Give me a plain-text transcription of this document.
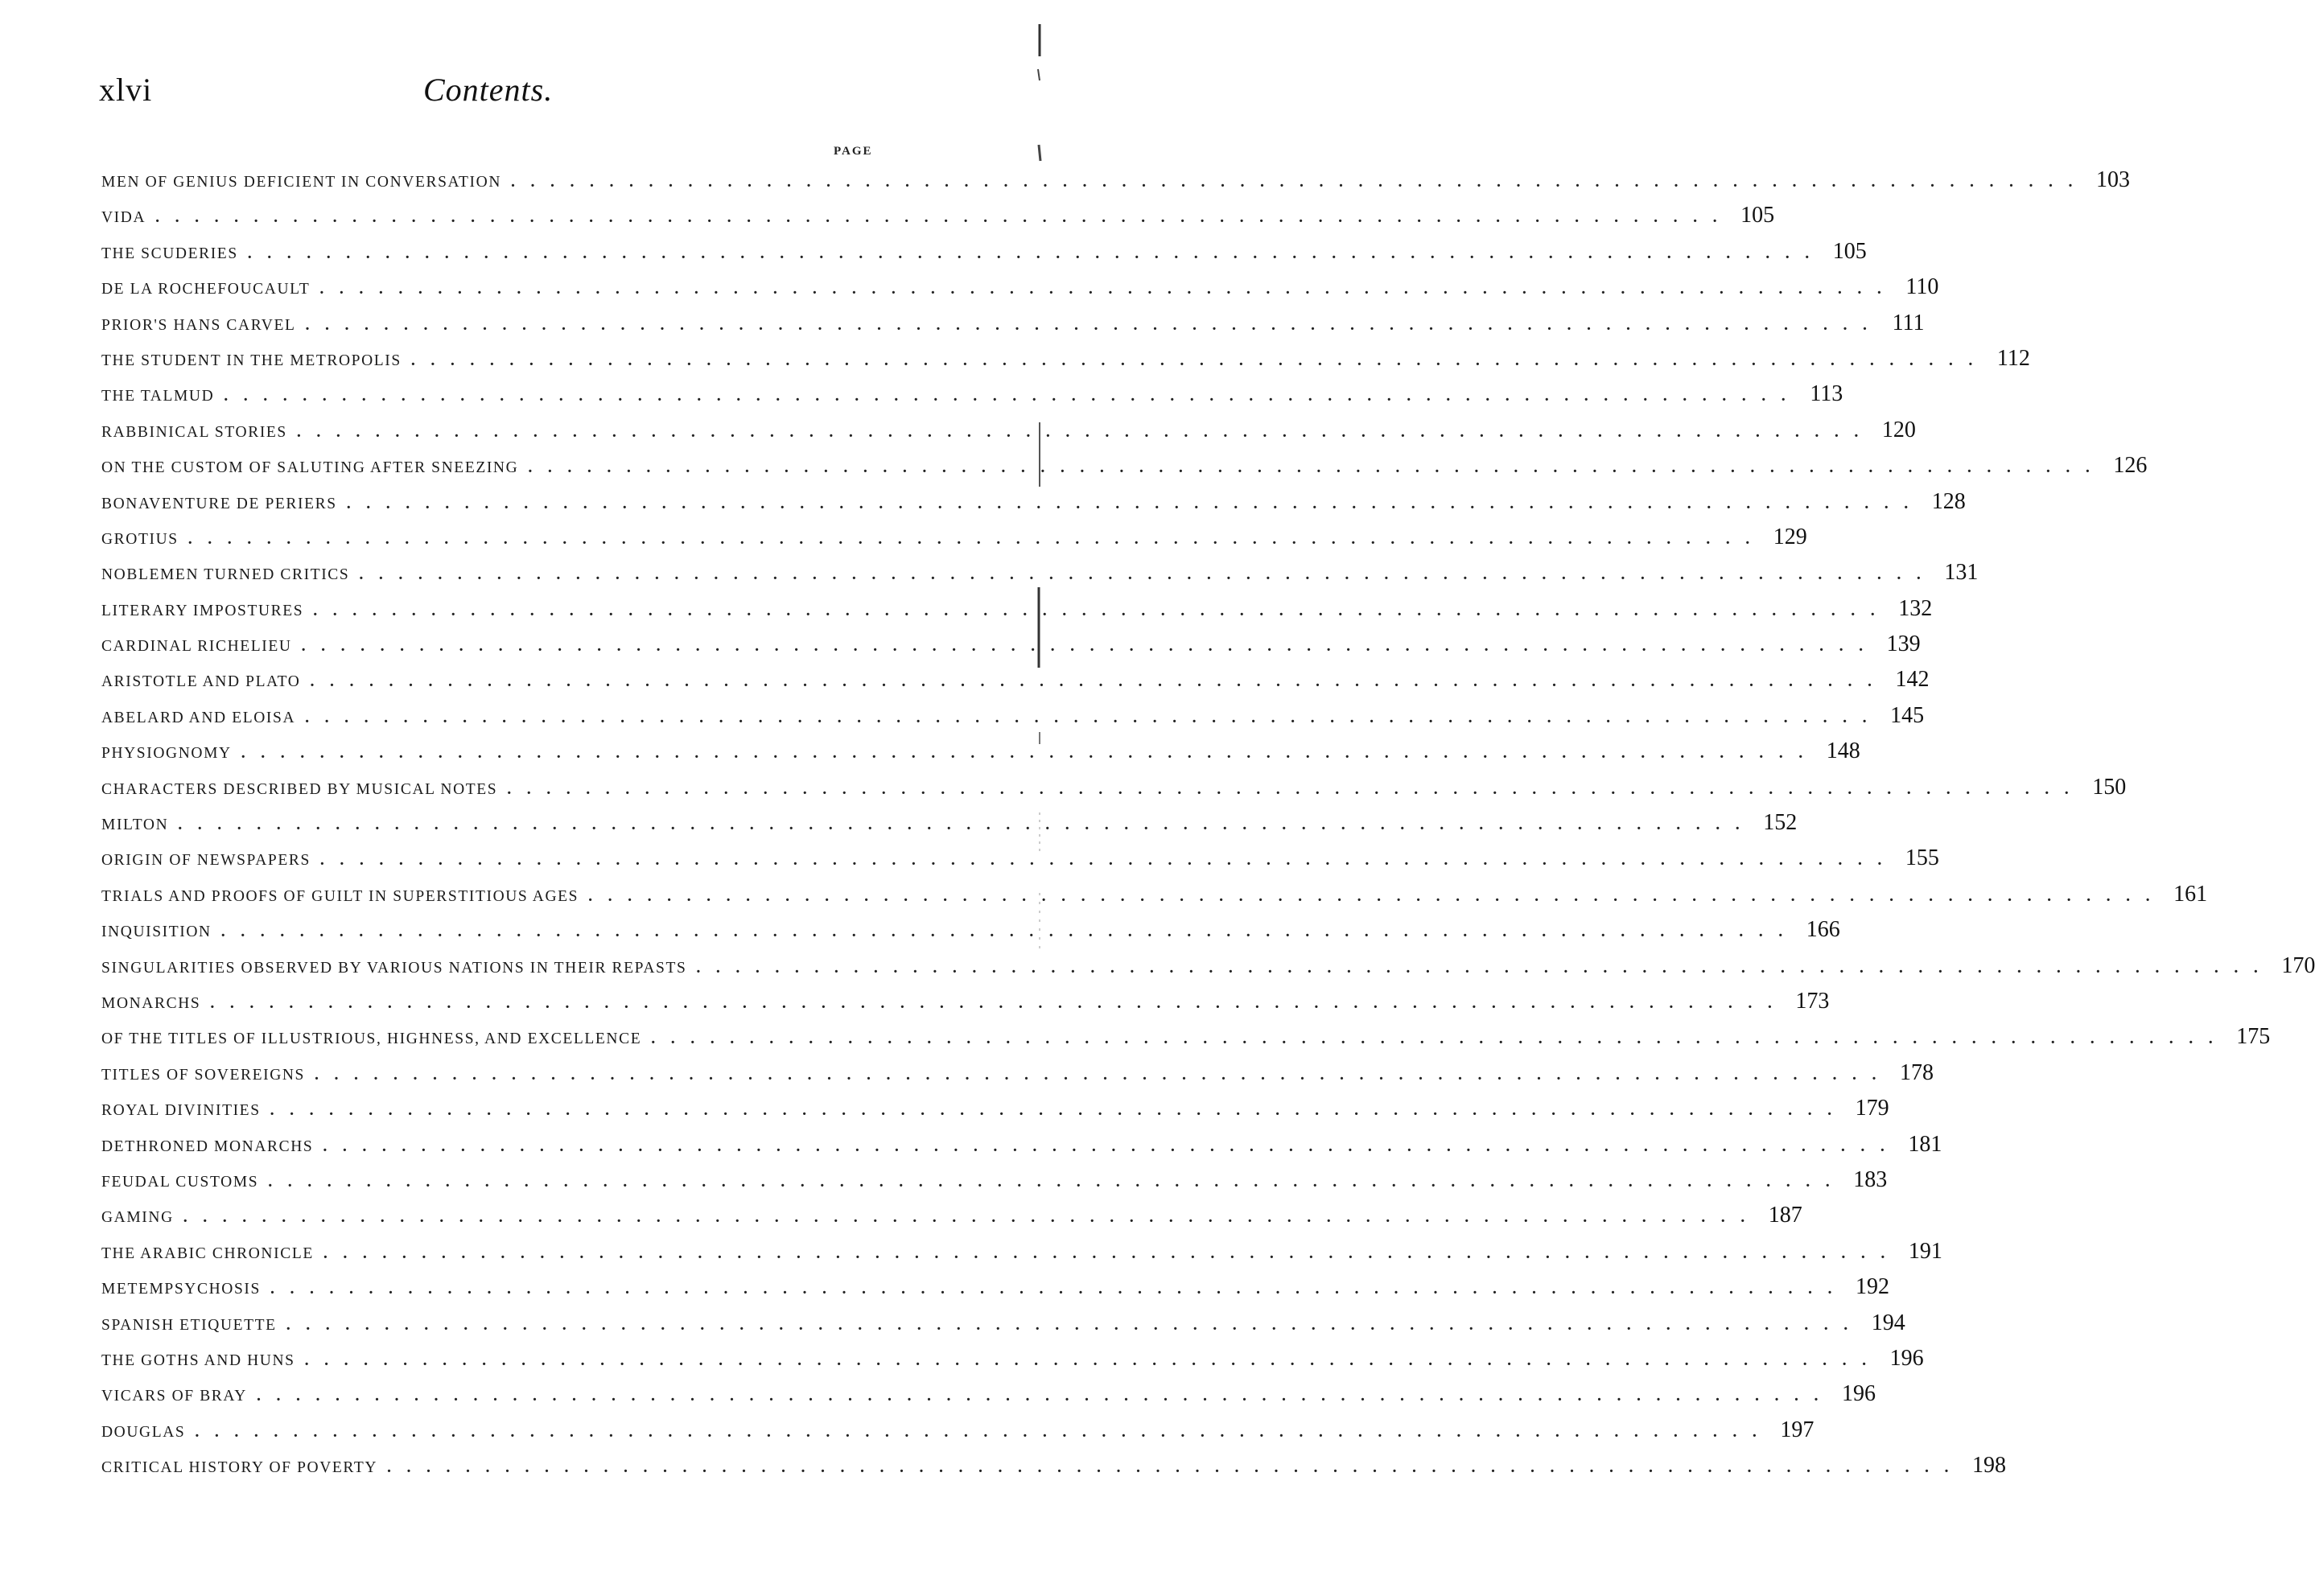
xlvi	Contents.
PAGE
MEN OF GENIUS DEFICIENT IN CONVERSATION ................................................................................ 103
VIDA ................................................................................ 105
THE SCUDERIES ................................................................................ 105
DE LA ROCHEFOUCAULT ................................................................................ 110
PRIOR'S HANS CARVEL ................................................................................ 111
THE STUDENT IN THE METROPOLIS ................................................................................ 112
THE TALMUD ................................................................................ 113
RABBINICAL STORIES ................................................................................ 120
ON THE CUSTOM OF SALUTING AFTER SNEEZING ................................................................................ 126
BONAVENTURE DE PERIERS ................................................................................ 128
GROTIUS ................................................................................ 129
NOBLEMEN TURNED CRITICS ................................................................................ 131
LITERARY IMPOSTURES ................................................................................ 132
CARDINAL RICHELIEU ................................................................................ 139
ARISTOTLE AND PLATO ................................................................................ 142
ABELARD AND ELOISA ................................................................................ 145
PHYSIOGNOMY ................................................................................ 148
CHARACTERS DESCRIBED BY MUSICAL NOTES ................................................................................ 150
MILTON ................................................................................ 152
ORIGIN OF NEWSPAPERS ................................................................................ 155
TRIALS AND PROOFS OF GUILT IN SUPERSTITIOUS AGES ................................................................................ 161
INQUISITION ................................................................................ 166
SINGULARITIES OBSERVED BY VARIOUS NATIONS IN THEIR REPASTS ................................................................................ 170
MONARCHS ................................................................................ 173
OF THE TITLES OF ILLUSTRIOUS, HIGHNESS, AND EXCELLENCE ................................................................................ 175
TITLES OF SOVEREIGNS ................................................................................ 178
ROYAL DIVINITIES ................................................................................ 179
DETHRONED MONARCHS ................................................................................ 181
FEUDAL CUSTOMS ................................................................................ 183
GAMING ................................................................................ 187
THE ARABIC CHRONICLE ................................................................................ 191
METEMPSYCHOSIS ................................................................................ 192
SPANISH ETIQUETTE ................................................................................ 194
THE GOTHS AND HUNS ................................................................................ 196
VICARS OF BRAY ................................................................................ 196
DOUGLAS ................................................................................ 197
CRITICAL HISTORY OF POVERTY ................................................................................ 198
